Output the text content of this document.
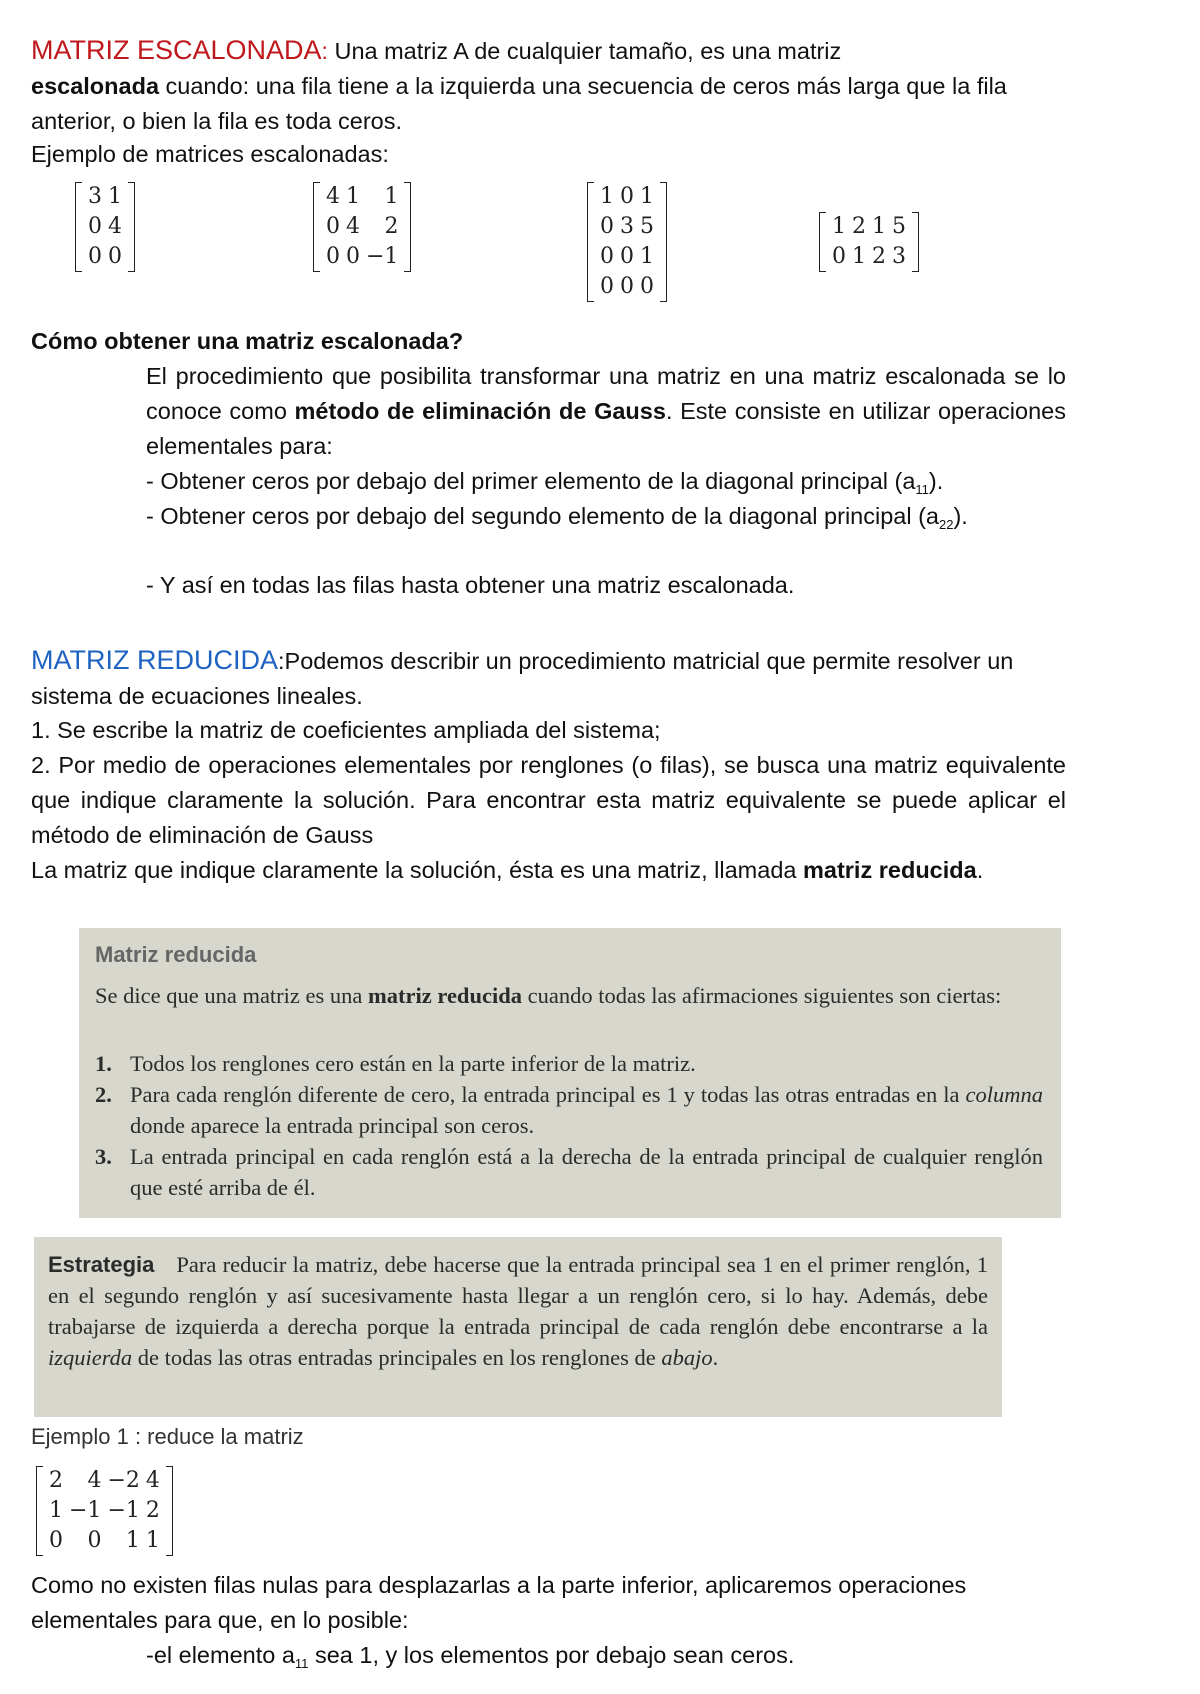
MATRIZ ESCALONADA: Una matriz A de cualquier tamaño, es una matriz
escalonada cuando: una fila tiene a la izquierda una secuencia de ceros más larga que la fila anterior, o bien la fila es toda ceros.
Ejemplo de matrices escalonadas:
3 1
0 4
0 0
4 1	1
0 4	2
0 0 −1
1 0 1
0 3 5
0 0 1
0 0 0
1 2 1 5
0 1 2 3
Cómo obtener una matriz escalonada?
El procedimiento que posibilita transformar una matriz en una matriz escalonada se lo conoce como método de eliminación de Gauss. Este consiste en utilizar operaciones elementales para:
- Obtener ceros por debajo del primer elemento de la diagonal principal $(a_{11})$.
- Obtener ceros por debajo del segundo elemento de la diagonal principal $(a_{22})$.
- Y así en todas las filas hasta obtener una matriz escalonada.
MATRIZ REDUCIDA:Podemos describir un procedimiento matricial que permite resolver un sistema de ecuaciones lineales.
1. Se escribe la matriz de coeficientes ampliada del sistema;
2. Por medio de operaciones elementales por renglones (o filas), se busca una matriz equivalente que indique claramente la solución. Para encontrar esta matriz equivalente se puede aplicar el método de eliminación de Gauss
La matriz que indique claramente la solución, ésta es una matriz, llamada matriz reducida.
Matriz reducida
Se dice que una matriz es una matriz reducida cuando todas las afirmaciones siguientes son ciertas:
1. Todos los renglones cero están en la parte inferior de la matriz.
2. Para cada renglón diferente de cero, la entrada principal es 1 y todas las otras entradas en la columna donde aparece la entrada principal son ceros.
3. La entrada principal en cada renglón está a la derecha de la entrada principal de cualquier renglón que esté arriba de él.
Estrategia Para reducir la matriz, debe hacerse que la entrada principal sea 1 en el primer renglón, 1 en el segundo renglón y así sucesivamente hasta llegar a un renglón cero, si lo hay. Además, debe trabajarse de izquierda a derecha porque la entrada principal de cada renglón debe encontrarse a la izquierda de todas las otras entradas principales en los renglones de abajo.
Ejemplo 1 : reduce la matriz
2	4 −2 4
1 −1 −1 2
0	0	1 1
Como no existen filas nulas para desplazarlas a la parte inferior, aplicaremos operaciones elementales para que, en lo posible:
-el elemento $a_{11}$ sea 1, y los elementos por debajo sean ceros.
